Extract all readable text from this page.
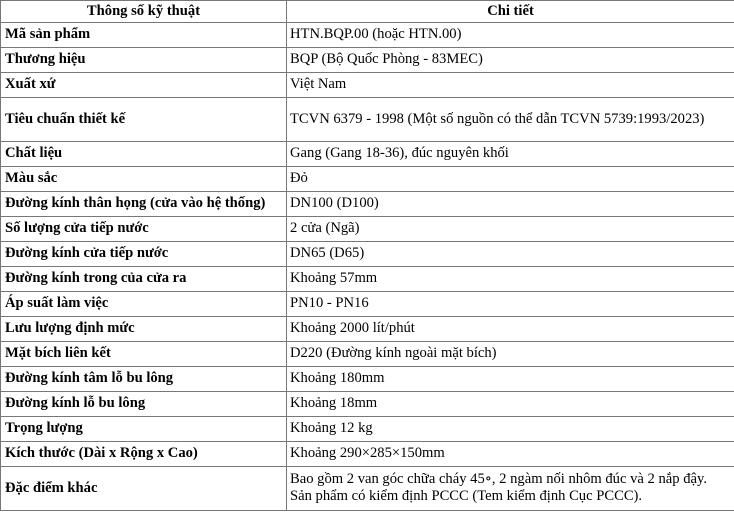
Thông số kỹ thuật	Chi tiết
Mã sản phẩm	HTN.BQP.00 (hoặc HTN.00)
Thương hiệu	BQP (Bộ Quốc Phòng - 83MEC)
Xuất xứ	Việt Nam
Tiêu chuẩn thiết kế	TCVN 6379 - 1998 (Một số nguồn có thể dẫn TCVN 5739:1993/2023)
Chất liệu	Gang (Gang 18-36), đúc nguyên khối
Màu sắc	Đỏ
Đường kính thân họng (cửa vào hệ thống)	DN100 (D100)
Số lượng cửa tiếp nước	2 cửa (Ngã)
Đường kính cửa tiếp nước	DN65 (D65)
Đường kính trong của cửa ra	Khoảng 57mm
Áp suất làm việc	PN10 - PN16
Lưu lượng định mức	Khoảng 2000 lít/phút
Mặt bích liên kết	D220 (Đường kính ngoài mặt bích)
Đường kính tâm lỗ bu lông	Khoảng 180mm
Đường kính lỗ bu lông	Khoảng 18mm
Trọng lượng	Khoảng 12 kg
Kích thước (Dài x Rộng x Cao)	Khoảng 290×285×150mm
Đặc điểm khác	Bao gồm 2 van góc chữa cháy 45∘, 2 ngàm nối nhôm đúc và 2 nắp đậy. Sản phẩm có kiểm định PCCC (Tem kiểm định Cục PCCC).
